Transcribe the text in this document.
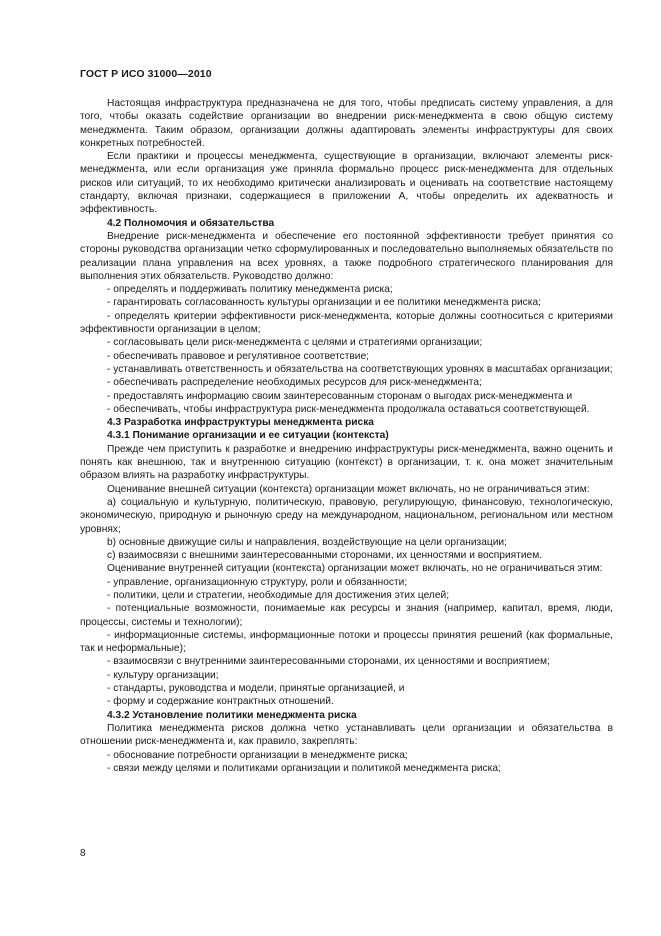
ГОСТ Р ИСО 31000—2010
Настоящая инфраструктура предназначена не для того, чтобы предписать систему управления, а для того, чтобы оказать содействие организации во внедрении риск-менеджмента в свою общую систему менеджмента. Таким образом, организации должны адаптировать элементы инфраструктуры для своих конкретных потребностей.
Если практики и процессы менеджмента, существующие в организации, включают элементы риск-менеджмента, или если организация уже приняла формально процесс риск-менеджмента для отдельных рисков или ситуаций, то их необходимо критически анализировать и оценивать на соответствие настоящему стандарту, включая признаки, содержащиеся в приложении А, чтобы определить их адекватность и эффективность.
4.2 Полномочия и обязательства
Внедрение риск-менеджмента и обеспечение его постоянной эффективности требует принятия со стороны руководства организации четко сформулированных и последовательно выполняемых обязательств по реализации плана управления на всех уровнях, а также подробного стратегического планирования для выполнения этих обязательств. Руководство должно:
- определять и поддерживать политику менеджмента риска;
- гарантировать согласованность культуры организации и ее политики менеджмента риска;
- определять критерии эффективности риск-менеджмента, которые должны соотноситься с критериями эффективности организации в целом;
- согласовывать цели риск-менеджмента с целями и стратегиями организации;
- обеспечивать правовое и регулятивное соответствие;
- устанавливать ответственность и обязательства на соответствующих уровнях в масштабах организации;
- обеспечивать распределение необходимых ресурсов для риск-менеджмента;
- предоставлять информацию своим заинтересованным сторонам о выгодах риск-менеджмента и
- обеспечивать, чтобы инфраструктура риск-менеджмента продолжала оставаться соответствующей.
4.3 Разработка инфраструктуры менеджмента риска
4.3.1 Понимание организации и ее ситуации (контекста)
Прежде чем приступить к разработке и внедрению инфраструктуры риск-менеджмента, важно оценить и понять как внешнюю, так и внутреннюю ситуацию (контекст) в организации, т. к. она может значительным образом влиять на разработку инфраструктуры.
Оценивание внешней ситуации (контекста) организации может включать, но не ограничиваться этим:
a) социальную и культурную, политическую, правовую, регулирующую, финансовую, технологическую, экономическую, природную и рыночную среду на международном, национальном, региональном или местном уровнях;
b) основные движущие силы и направления, воздействующие на цели организации;
c) взаимосвязи с внешними заинтересованными сторонами, их ценностями и восприятием.
Оценивание внутренней ситуации (контекста) организации может включать, но не ограничиваться этим:
- управление, организационную структуру, роли и обязанности;
- политики, цели и стратегии, необходимые для достижения этих целей;
- потенциальные возможности, понимаемые как ресурсы и знания (например, капитал, время, люди, процессы, системы и технологии);
- информационные системы, информационные потоки и процессы принятия решений (как формальные, так и неформальные);
- взаимосвязи с внутренними заинтересованными сторонами, их ценностями и восприятием;
- культуру организации;
- стандарты, руководства и модели, принятые организацией, и
- форму и содержание контрактных отношений.
4.3.2 Установление политики менеджмента риска
Политика менеджмента рисков должна четко устанавливать цели организации и обязательства в отношении риск-менеджмента и, как правило, закреплять:
- обоснование потребности организации в менеджменте риска;
- связи между целями и политиками организации и политикой менеджмента риска;
8
